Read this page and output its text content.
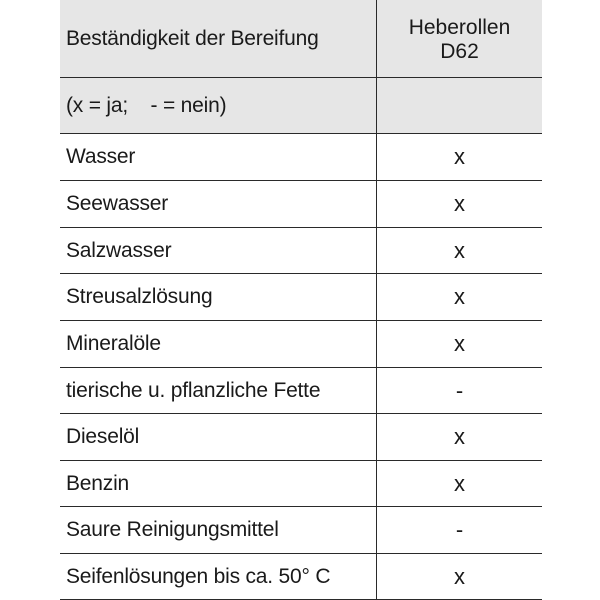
Beständigkeit der Bereifung	Heberollen
D62
(x = ja;    - = nein)
Wasser	x
Seewasser	x
Salzwasser	x
Streusalzlösung	x
Mineralöle	x
tierische u. pflanzliche Fette	-
Dieselöl	x
Benzin	x
Saure Reinigungsmittel	-
Seifenlösungen bis ca. 50° C	x
